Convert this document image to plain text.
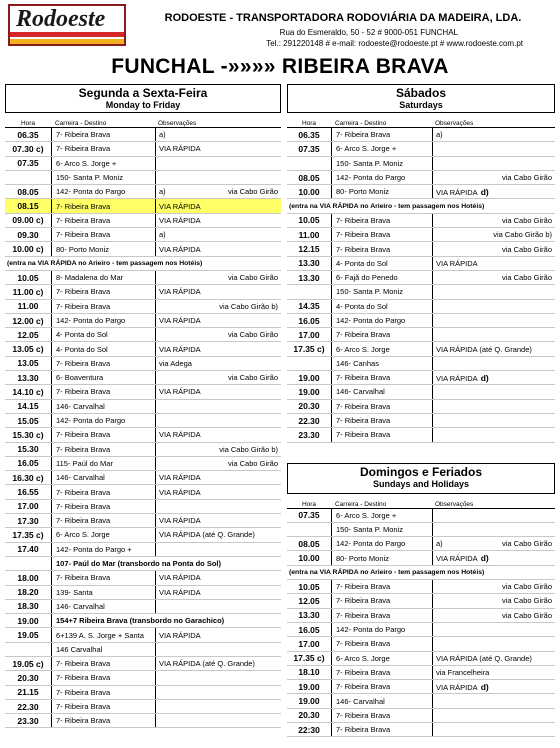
Rodoeste	RODOESTE - TRANSPORTADORA RODOVIÁRIA DA MADEIRA, LDA.
Rua do Esmeraldo, 50 - 52 # 9000-051 FUNCHAL
Tel.: 291220148 # e-mail: rodoeste@rodoeste.pt # www.rodoeste.com.pt
FUNCHAL -»»»» RIBEIRA BRAVA
Segunda a Sexta-Feira
Monday to Friday
Hora	Carreira - Destino	Observações
06.35	7- Ribeira Brava	a)
07.30 c)	7- Ribeira Brava	VIA RÁPIDA
07.35	6- Arco S. Jorge +
150- Santa P. Moniz
08.05	142- Ponta do Pargo	a)	via Cabo Girão
08.15	7- Ribeira Brava	VIA RÁPIDA
09.00 c)	7- Ribeira Brava	VIA RÁPIDA
09.30	7- Ribeira Brava	a)
10.00 c)	80- Porto Moniz	VIA RÁPIDA
(entra na VIA RÁPIDA no Arieiro - tem passagem nos Hotéis)
10.05	8- Madalena do Mar	via Cabo Girão
11.00 c)	7- Ribeira Brava	VIA RÁPIDA
11.00	7- Ribeira Brava	via Cabo Girão b)
12.00 c)	142- Ponta do Pargo	VIA RÁPIDA
12.05	4- Ponta do Sol	via Cabo Girão
13.05 c)	4- Ponta do Sol	VIA RÁPIDA
13.05	7- Ribeira Brava	via Adega
13.30	6- Boaventura	via Cabo Girão
14.10 c)	7- Ribeira Brava	VIA RÁPIDA
14.15	146- Carvalhal
15.05	142- Ponta do Pargo
15.30 c)	7- Ribeira Brava	VIA RÁPIDA
15.30	7- Ribeira Brava	via Cabo Girão b)
16.05	115- Paúl do Mar	via Cabo Girão
16.30 c)	146- Carvalhal	VIA RÁPIDA
16.55	7- Ribeira Brava	VIA RÁPIDA
17.00	7- Ribeira Brava
17.30	7- Ribeira Brava	VIA RÁPIDA
17.35 c)	6- Arco S. Jorge	VIA RÁPIDA (até Q. Grande)
17.40	142- Ponta do Pargo +
107- Paúl do Mar (transbordo na Ponta do Sol)
18.00	7- Ribeira Brava	VIA RÁPIDA
18.20	139- Santa	VIA RÁPIDA
18.30	146- Carvalhal
19.00	154+7 Ribeira Brava (transbordo no Garachico)
19.05	6+139 A. S. Jorge + Santa	VIA RÁPIDA
146 Carvalhal
19.05 c)	7- Ribeira Brava	VIA RÁPIDA (até Q. Grande)
20.30	7- Ribeira Brava
21.15	7- Ribeira Brava
22.30	7- Ribeira Brava
23.30	7- Ribeira Brava
Sábados
Saturdays
Hora	Carreira - Destino	Observações
06.35	7- Ribeira Brava	a)
07.35	6- Arco S. Jorge +
150- Santa P. Moniz
08.05	142- Ponta do Pargo	via Cabo Girão
10.00	80- Porto Moniz	VIA RÁPIDA d)
(entra na VIA RÁPIDA no Arieiro - tem passagem nos Hotéis)
10.05	7- Ribeira Brava	via Cabo Girão
11.00	7- Ribeira Brava	via Cabo Girão b)
12.15	7- Ribeira Brava	via Cabo Girão
13.30	4- Ponta do Sol	VIA RÁPIDA
13.30	6- Fajã do Penedo	via Cabo Girão
150- Santa P. Moniz
14.35	4- Ponta do Sol
16.05	142- Ponta do Pargo
17.00	7- Ribeira Brava
17.35 c)	6- Arco S. Jorge	VIA RÁPIDA (até Q. Grande)
146- Canhas
19.00	7- Ribeira Brava	VIA RÁPIDA d)
19.00	146- Carvalhal
20.30	7- Ribeira Brava
22.30	7- Ribeira Brava
23.30	7- Ribeira Brava
Domingos e Feriados
Sundays and Holidays
Hora	Carreira - Destino	Observações
07.35	6- Arco S. Jorge +
150- Santa P. Moniz
08.05	142- Ponta do Pargo	a)	via Cabo Girão
10.00	80- Porto Moniz	VIA RÁPIDA d)
(entra na VIA RÁPIDA no Arieiro - tem passagem nos Hotéis)
10.05	7- Ribeira Brava	via Cabo Girão
12.05	7- Ribeira Brava	via Cabo Girão
13.30	7- Ribeira Brava	via Cabo Girão
16.05	142- Ponta do Pargo
17.00	7- Ribeira Brava
17.35 c)	6- Arco S. Jorge	VIA RÁPIDA (até Q. Grande)
18.10	7- Ribeira Brava	via Francelheira
19.00	7- Ribeira Brava	VIA RÁPIDA d)
19.00	146- Carvalhal
20.30	7- Ribeira Brava
22:30	7- Ribeira Brava
